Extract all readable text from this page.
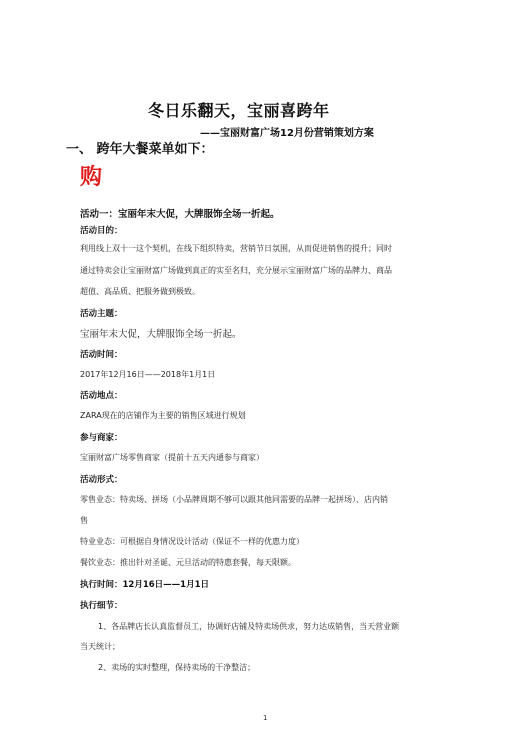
冬日乐翻天，宝丽喜跨年
——宝丽财富广场12月份营销策划方案
一、 跨年大餐菜单如下：
购
活动一：宝丽年末大促，大牌服饰全场一折起。
活动目的：
利用线上双十一这个契机，在线下组织特卖，营销节日氛围，从而促进销售的提升；同时
通过特卖会让宝丽财富广场做到真正的实至名归，充分展示宝丽财富广场的品牌力、商品
超值、高品质、把服务做到极致。
活动主题：
宝丽年末大促，大牌服饰全场一折起。
活动时间：
2017年12月16日——2018年1月1日
活动地点：
ZARA现在的店铺作为主要的销售区域进行规划
参与商家：
宝丽财富广场零售商家（提前十五天内通参与商家）
活动形式：
零售业态：特卖场、拼场（小品牌周期不够可以跟其他同需要的品牌一起拼场）、店内销
售
特业业态：可根据自身情况设计活动（保证不一样的优惠力度）
餐饮业态：推出针对圣诞、元旦活动的特惠套餐，每天限额。
执行时间：12月16日——1月1日
执行细节：
1、各品牌店长认真监督员工，协调好店铺及特卖场供求，努力达成销售，当天营业额
当天统计；
2、卖场的实时整理，保持卖场的干净整洁；
1
